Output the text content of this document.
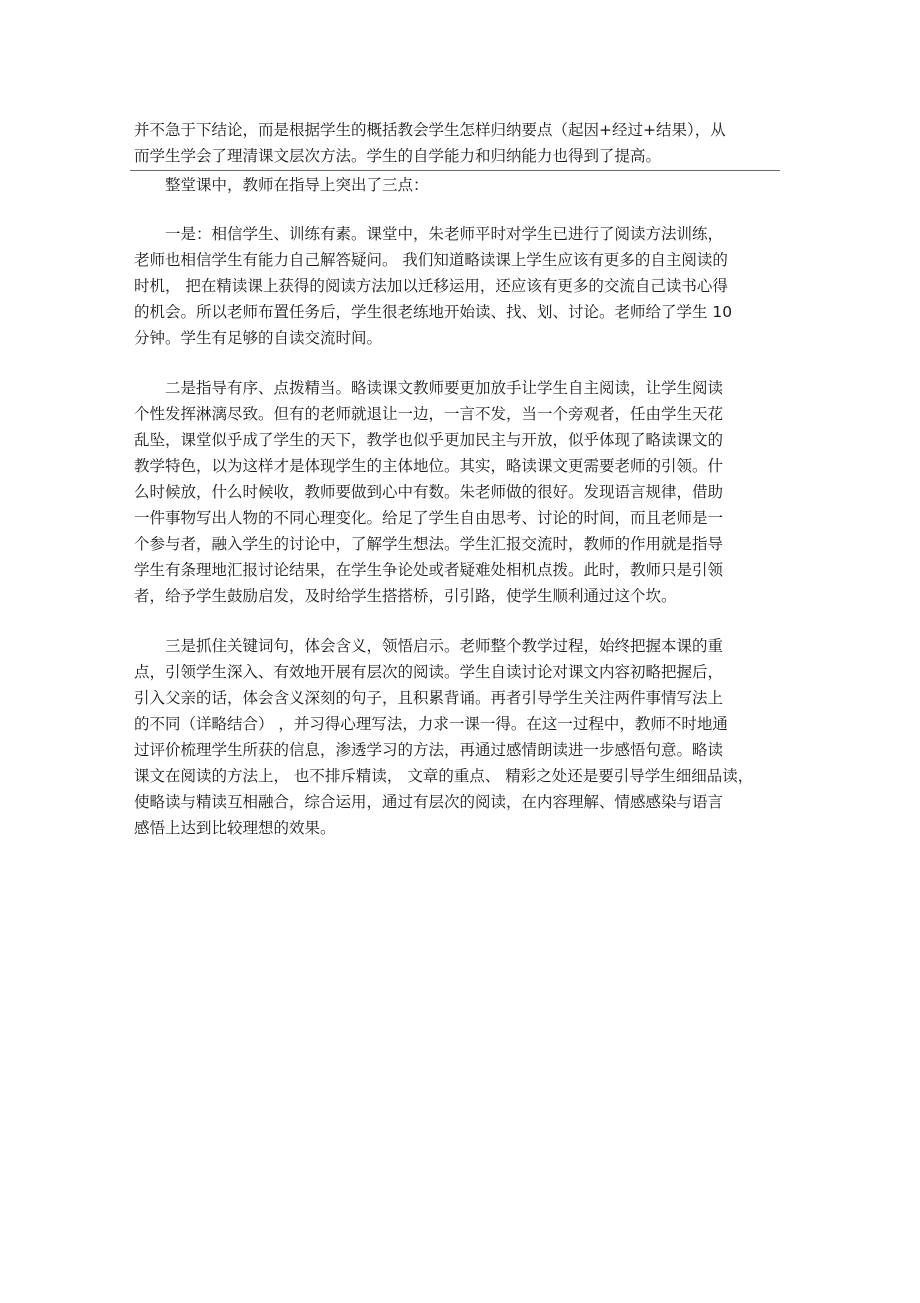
并不急于下结论，而是根据学生的概括教会学生怎样归纳要点（起因+经过+结果），从
而学生学会了理清课文层次方法。学生的自学能力和归纳能力也得到了提高。
整堂课中，教师在指导上突出了三点：
一是：相信学生、训练有素。课堂中，朱老师平时对学生已进行了阅读方法训练，
老师也相信学生有能力自己解答疑问。 我们知道略读课上学生应该有更多的自主阅读的
时机， 把在精读课上获得的阅读方法加以迁移运用，还应该有更多的交流自己读书心得
的机会。所以老师布置任务后，学生很老练地开始读、找、划、讨论。老师给了学生 10
分钟。学生有足够的自读交流时间。
二是指导有序、点拨精当。略读课文教师要更加放手让学生自主阅读，让学生阅读
个性发挥淋漓尽致。但有的老师就退让一边，一言不发，当一个旁观者，任由学生天花
乱坠，课堂似乎成了学生的天下，教学也似乎更加民主与开放，似乎体现了略读课文的
教学特色，以为这样才是体现学生的主体地位。其实，略读课文更需要老师的引领。什
么时候放，什么时候收，教师要做到心中有数。朱老师做的很好。发现语言规律，借助
一件事物写出人物的不同心理变化。给足了学生自由思考、讨论的时间，而且老师是一
个参与者，融入学生的讨论中，了解学生想法。学生汇报交流时，教师的作用就是指导
学生有条理地汇报讨论结果，在学生争论处或者疑难处相机点拨。此时，教师只是引领
者，给予学生鼓励启发，及时给学生搭搭桥，引引路，使学生顺利通过这个坎。
三是抓住关键词句，体会含义，领悟启示。老师整个教学过程，始终把握本课的重
点，引领学生深入、有效地开展有层次的阅读。学生自读讨论对课文内容初略把握后，
引入父亲的话，体会含义深刻的句子，且积累背诵。再者引导学生关注两件事情写法上
的不同（详略结合） ，并习得心理写法，力求一课一得。在这一过程中，教师不时地通
过评价梳理学生所获的信息，渗透学习的方法，再通过感情朗读进一步感悟句意。略读
课文在阅读的方法上， 也不排斥精读， 文章的重点、 精彩之处还是要引导学生细细品读，
使略读与精读互相融合，综合运用，通过有层次的阅读，在内容理解、情感感染与语言
感悟上达到比较理想的效果。
